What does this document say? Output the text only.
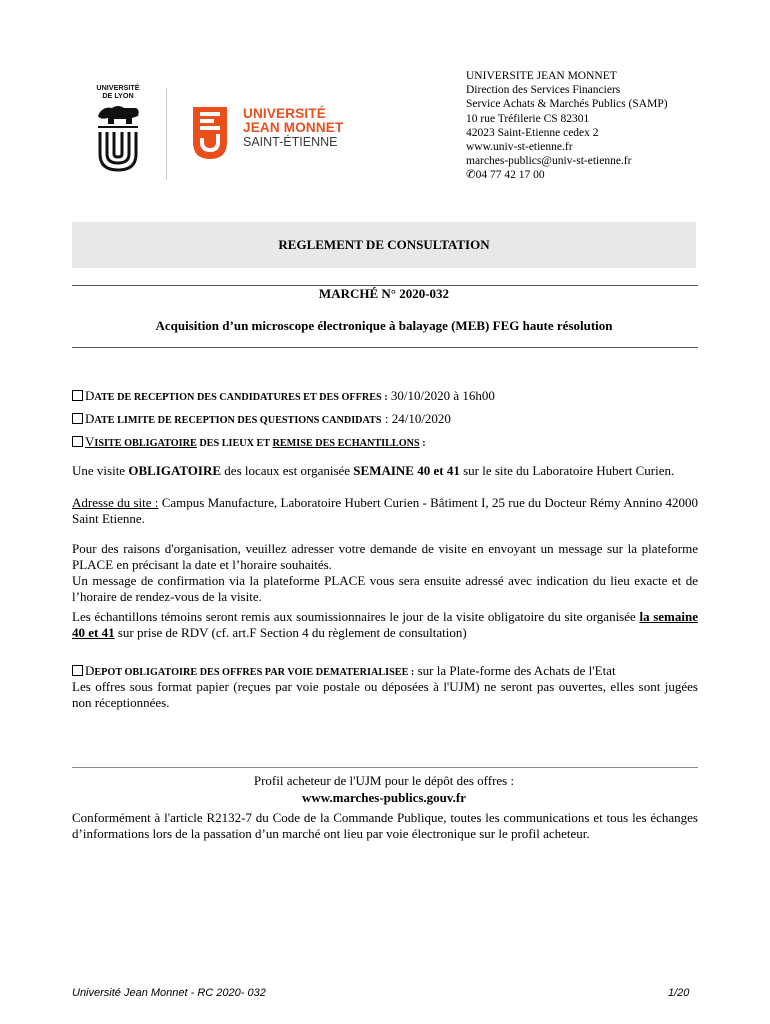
UNIVERSITÉ
DE LYON
UNIVERSITÉ
JEAN MONNET
SAINT-ÉTIENNE
UNIVERSITE JEAN MONNET
Direction des Services Financiers
Service Achats & Marchés Publics (SAMP)
10 rue Tréfilerie CS 82301
42023 Saint-Etienne cedex 2
www.univ-st-etienne.fr
marches-publics@univ-st-etienne.fr
✆04 77 42 17 00
REGLEMENT DE CONSULTATION
MARCHÉ N° 2020-032
Acquisition d’un microscope électronique à balayage (MEB) FEG haute résolution
DATE DE RECEPTION DES CANDIDATURES ET DES OFFRES : 30/10/2020 à 16h00
DATE LIMITE DE RECEPTION DES QUESTIONS CANDIDATS : 24/10/2020
VISITE OBLIGATOIRE DES LIEUX ET REMISE DES ECHANTILLONS :
Une visite OBLIGATOIRE des locaux est organisée SEMAINE 40 et 41 sur le site du Laboratoire Hubert Curien.
Adresse du site : Campus Manufacture, Laboratoire Hubert Curien - Bâtiment I, 25 rue du Docteur Rémy Annino 42000 Saint Etienne.
Pour des raisons d'organisation, veuillez adresser votre demande de visite en envoyant un message sur la plateforme PLACE en précisant la date et l’horaire souhaités.
Un message de confirmation via la plateforme PLACE vous sera ensuite adressé avec indication du lieu exacte et de l’horaire de rendez-vous de la visite.
Les échantillons témoins seront remis aux soumissionnaires le jour de la visite obligatoire du site organisée la semaine 40 et 41 sur prise de RDV (cf. art.F Section 4 du règlement de consultation)
DEPOT OBLIGATOIRE DES OFFRES PAR VOIE DEMATERIALISEE : sur la Plate-forme des Achats de l'Etat
Les offres sous format papier (reçues par voie postale ou déposées à l'UJM) ne seront pas ouvertes, elles sont jugées non réceptionnées.
Profil acheteur de l'UJM pour le dépôt des offres :
www.marches-publics.gouv.fr
Conformément à l'article R2132-7 du Code de la Commande Publique, toutes les communications et tous les échanges d’informations lors de la passation d’un marché ont lieu par voie électronique sur le profil acheteur.
Université Jean Monnet - RC 2020- 032	1/20
